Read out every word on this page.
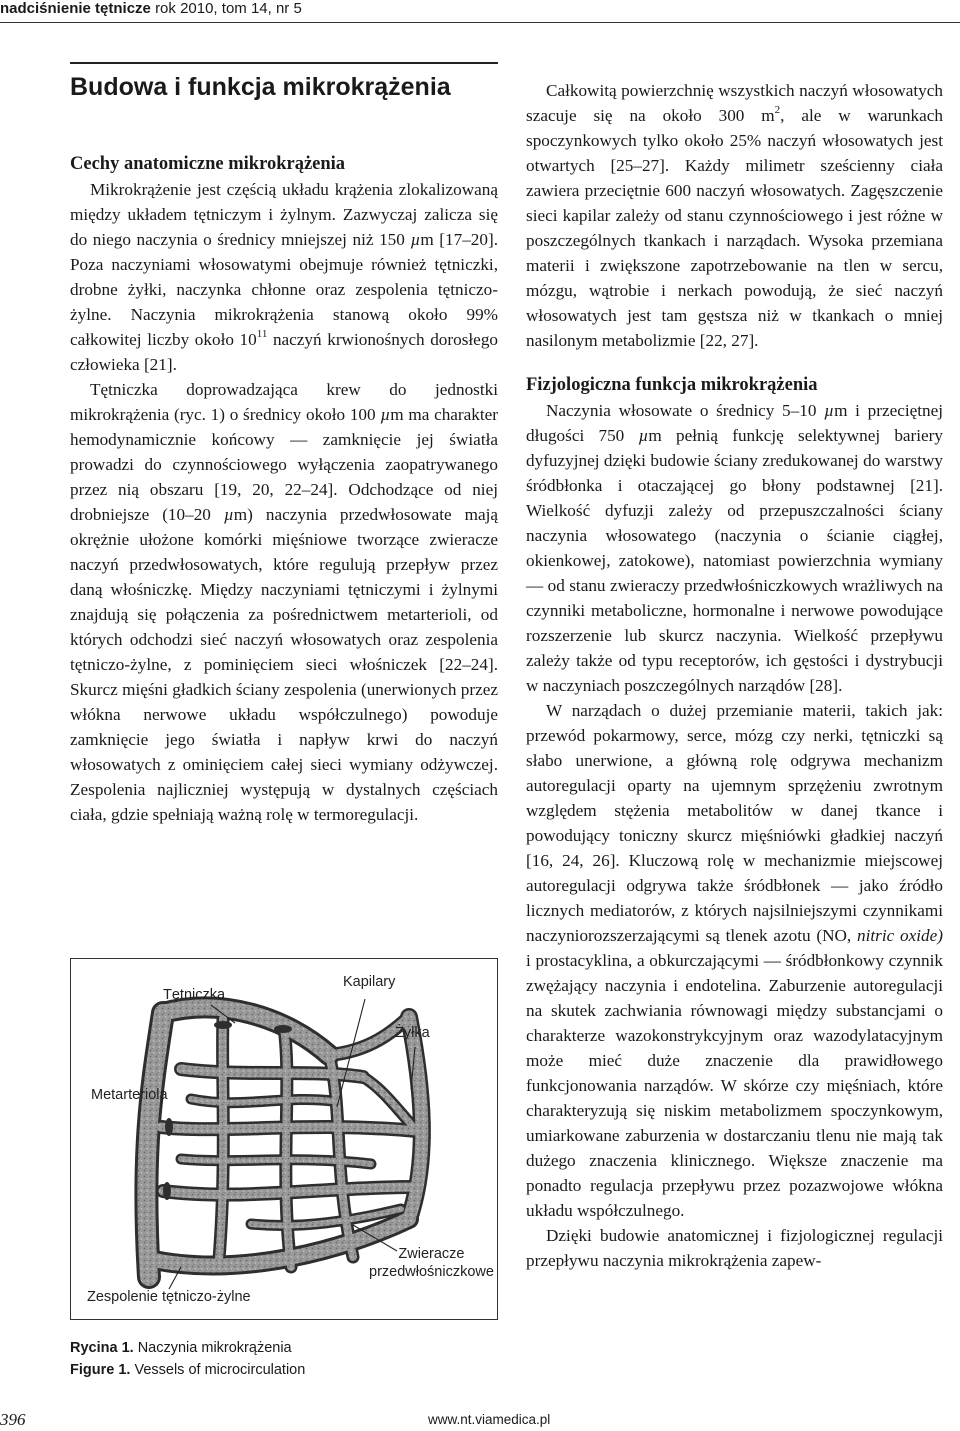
nadciśnienie tętnicze rok 2010, tom 14, nr 5
Budowa i funkcja mikrokrążenia
Cechy anatomiczne mikrokrążenia

Mikrokrążenie jest częścią układu krążenia zlokalizowaną między układem tętniczym i żylnym. Zazwyczaj zalicza się do niego naczynia o średnicy mniejszej niż 150 µm [17–20]. Poza naczyniami włosowatymi obejmuje również tętniczki, drobne żyłki, naczynka chłonne oraz zespolenia tętniczo-żylne. Naczynia mikrokrążenia stanową około 99% całkowitej liczby około $10^{11}$ naczyń krwionośnych dorosłego człowieka [21].

Tętniczka doprowadzająca krew do jednostki mikrokrążenia (ryc. 1) o średnicy około 100 µm ma charakter hemodynamicznie końcowy — zamknięcie jej światła prowadzi do czynnościowego wyłączenia zaopatrywanego przez nią obszaru [19, 20, 22–24]. Odchodzące od niej drobniejsze (10–20 µm) naczynia przedwłosowate mają okrężnie ułożone komórki mięśniowe tworzące zwieracze naczyń przedwłosowatych, które regulują przepływ przez daną włośniczkę. Między naczyniami tętniczymi i żylnymi znajdują się połączenia za pośrednictwem metarterioli, od których odchodzi sieć naczyń włosowatych oraz zespolenia tętniczo-żylne, z pominięciem sieci włośniczek [22–24]. Skurcz mięśni gładkich ściany zespolenia (unerwionych przez włókna nerwowe układu współczulnego) powoduje zamknięcie jego światła i napływ krwi do naczyń włosowatych z ominięciem całej sieci wymiany odżywczej. Zespolenia najliczniej występują w dystalnych częściach ciała, gdzie spełniają ważną rolę w termoregulacji.

Tętniczka
Kapilary
Żyłka
Metarteriola
Zwieracze
przedwłośniczkowe
Zespolenie tętniczo-żylne
Rycina 1. Naczynia mikrokrążenia
Figure 1. Vessels of microcirculation

Całkowitą powierzchnię wszystkich naczyń włosowatych szacuje się na około 300 $m^2$, ale w warunkach spoczynkowych tylko około 25% naczyń włosowatych jest otwartych [25–27]. Każdy milimetr sześcienny ciała zawiera przeciętnie 600 naczyń włosowatych. Zagęszczenie sieci kapilar zależy od stanu czynnościowego i jest różne w poszczególnych tkankach i narządach. Wysoka przemiana materii i zwiększone zapotrzebowanie na tlen w sercu, mózgu, wątrobie i nerkach powodują, że sieć naczyń włosowatych jest tam gęstsza niż w tkankach o mniej nasilonym metabolizmie [22, 27].

Fizjologiczna funkcja mikrokrążenia

Naczynia włosowate o średnicy 5–10 µm i przeciętnej długości 750 µm pełnią funkcję selektywnej bariery dyfuzyjnej dzięki budowie ściany zredukowanej do warstwy śródbłonka i otaczającej go błony podstawnej [21]. Wielkość dyfuzji zależy od przepuszczalności ściany naczynia włosowatego (naczynia o ścianie ciągłej, okienkowej, zatokowe), natomiast powierzchnia wymiany — od stanu zwieraczy przedwłośniczkowych wrażliwych na czynniki metaboliczne, hormonalne i nerwowe powodujące rozszerzenie lub skurcz naczynia. Wielkość przepływu zależy także od typu receptorów, ich gęstości i dystrybucji w naczyniach poszczególnych narządów [28].

W narządach o dużej przemianie materii, takich jak: przewód pokarmowy, serce, mózg czy nerki, tętniczki są słabo unerwione, a główną rolę odgrywa mechanizm autoregulacji oparty na ujemnym sprzężeniu zwrotnym względem stężenia metabolitów w danej tkance i powodujący toniczny skurcz mięśniówki gładkiej naczyń [16, 24, 26]. Kluczową rolę w mechanizmie miejscowej autoregulacji odgrywa także śródbłonek — jako źródło licznych mediatorów, z których najsilniejszymi czynnikami naczyniorozszerzającymi są tlenek azotu (NO, nitric oxide) i prostacyklina, a obkurczającymi — śródbłonkowy czynnik zwężający naczynia i endotelina. Zaburzenie autoregulacji na skutek zachwiania równowagi między substancjami o charakterze wazokonstrykcyjnym oraz wazodylatacyjnym może mieć duże znaczenie dla prawidłowego funkcjonowania narządów. W skórze czy mięśniach, które charakteryzują się niskim metabolizmem spoczynkowym, umiarkowane zaburzenia w dostarczaniu tlenu nie mają tak dużego znaczenia klinicznego. Większe znaczenie ma ponadto regulacja przepływu przez pozazwojowe włókna układu współczulnego.

Dzięki budowie anatomicznej i fizjologicznej regulacji przepływu naczynia mikrokrążenia zapew-

396	www.nt.viamedica.pl
